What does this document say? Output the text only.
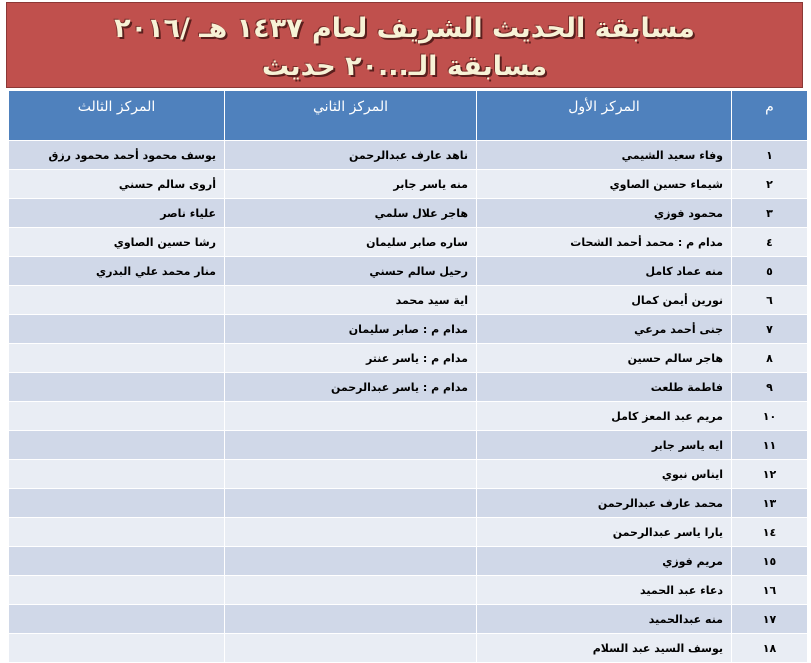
مسابقة الحديث الشريف لعام ١٤٣٧ هـ /٢٠١٦
مسابقة الـ...٢٠ حديث
م	المركز الأول	المركز الثاني	المركز الثالث
١	وفاء سعيد الشيمي	ناهد عارف عبدالرحمن	يوسف محمود أحمد محمود رزق
٢	شيماء حسين الصاوي	منه ياسر جابر	أروى سالم حسني
٣	محمود فوزي	هاجر علال سلمي	علياء ناصر
٤	مدام م : محمد أحمد الشحات	ساره صابر سليمان	رشا حسين الصاوي
٥	منه عماد كامل	رحيل سالم حسني	منار محمد علي البدري
٦	نورين أيمن كمال	اية سيد محمد	
٧	جنى أحمد مرعي	مدام م : صابر سليمان	
٨	هاجر سالم حسين	مدام م : ياسر عنتر	
٩	فاطمة طلعت	مدام م : ياسر عبدالرحمن	
١٠	مريم عبد المعز كامل		
١١	ايه ياسر جابر		
١٢	ايناس نبوي		
١٣	محمد عارف عبدالرحمن		
١٤	يارا ياسر عبدالرحمن		
١٥	مريم فوزي		
١٦	دعاء عبد الحميد		
١٧	منه عبدالحميد		
١٨	يوسف السيد عبد السلام		
